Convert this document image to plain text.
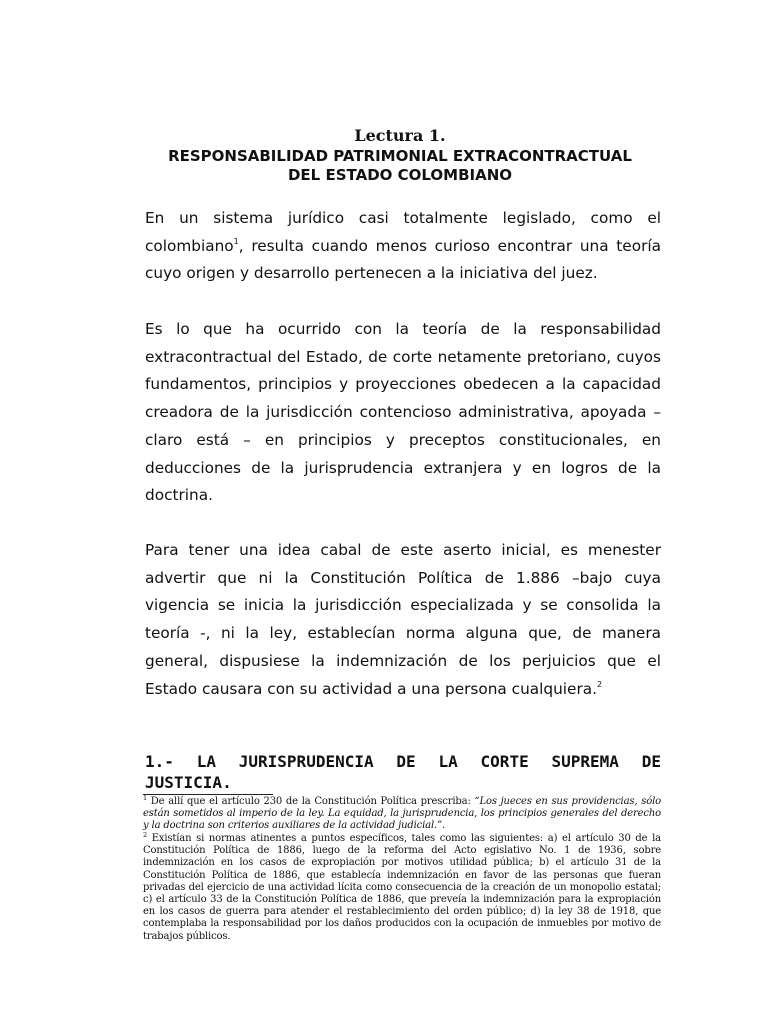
Lectura 1.
RESPONSABILIDAD PATRIMONIAL EXTRACONTRACTUAL
DEL ESTADO COLOMBIANO

En un sistema jurídico casi totalmente legislado, como el colombiano$^1$, resulta cuando menos curioso encontrar una teoría cuyo origen y desarrollo pertenecen a la iniciativa del juez.

Es lo que ha ocurrido con la teoría de la responsabilidad extracontractual del Estado, de corte netamente pretoriano, cuyos fundamentos, principios y proyecciones obedecen a la capacidad creadora de la jurisdicción contencioso administrativa, apoyada – claro está – en principios y preceptos constitucionales, en deducciones de la jurisprudencia extranjera y en logros de la doctrina.

Para tener una idea cabal de este aserto inicial, es menester advertir que ni la Constitución Política de 1.886 –bajo cuya vigencia se inicia la jurisdicción especializada y se consolida la teoría -, ni la ley, establecían norma alguna que, de manera general, dispusiese la indemnización de los perjuicios que el Estado causara con su actividad a una persona cualquiera.$^2$

1.- LA JURISPRUDENCIA DE LA CORTE SUPREMA DE JUSTICIA.

$^1$ De allí que el artículo 230 de la Constitución Política prescriba: “Los jueces en sus providencias, sólo están sometidos al imperio de la ley. La equidad, la jurisprudencia, los principios generales del derecho y la doctrina son criterios auxiliares de la actividad judicial.”.

$^2$ Existían si normas atinentes a puntos específicos, tales como las siguientes: a) el artículo 30 de la Constitución Política de 1886, luego de la reforma del Acto egislativo No. 1 de 1936, sobre indemnización en los casos de expropiación por motivos utilidad pública; b) el artículo 31 de la Constitución Política de 1886, que establecía indemnización en favor de las personas que fueran privadas del ejercicio de una actividad lícita como consecuencia de la creación de un monopolio estatal; c) el artículo 33 de la Constitución Política de 1886, que preveía la indemnización para la expropiación en los casos de guerra para atender el restablecimiento del orden público; d) la ley 38 de 1918, que contemplaba la responsabilidad por los daños producidos con la ocupación de inmuebles por motivo de trabajos públicos.
